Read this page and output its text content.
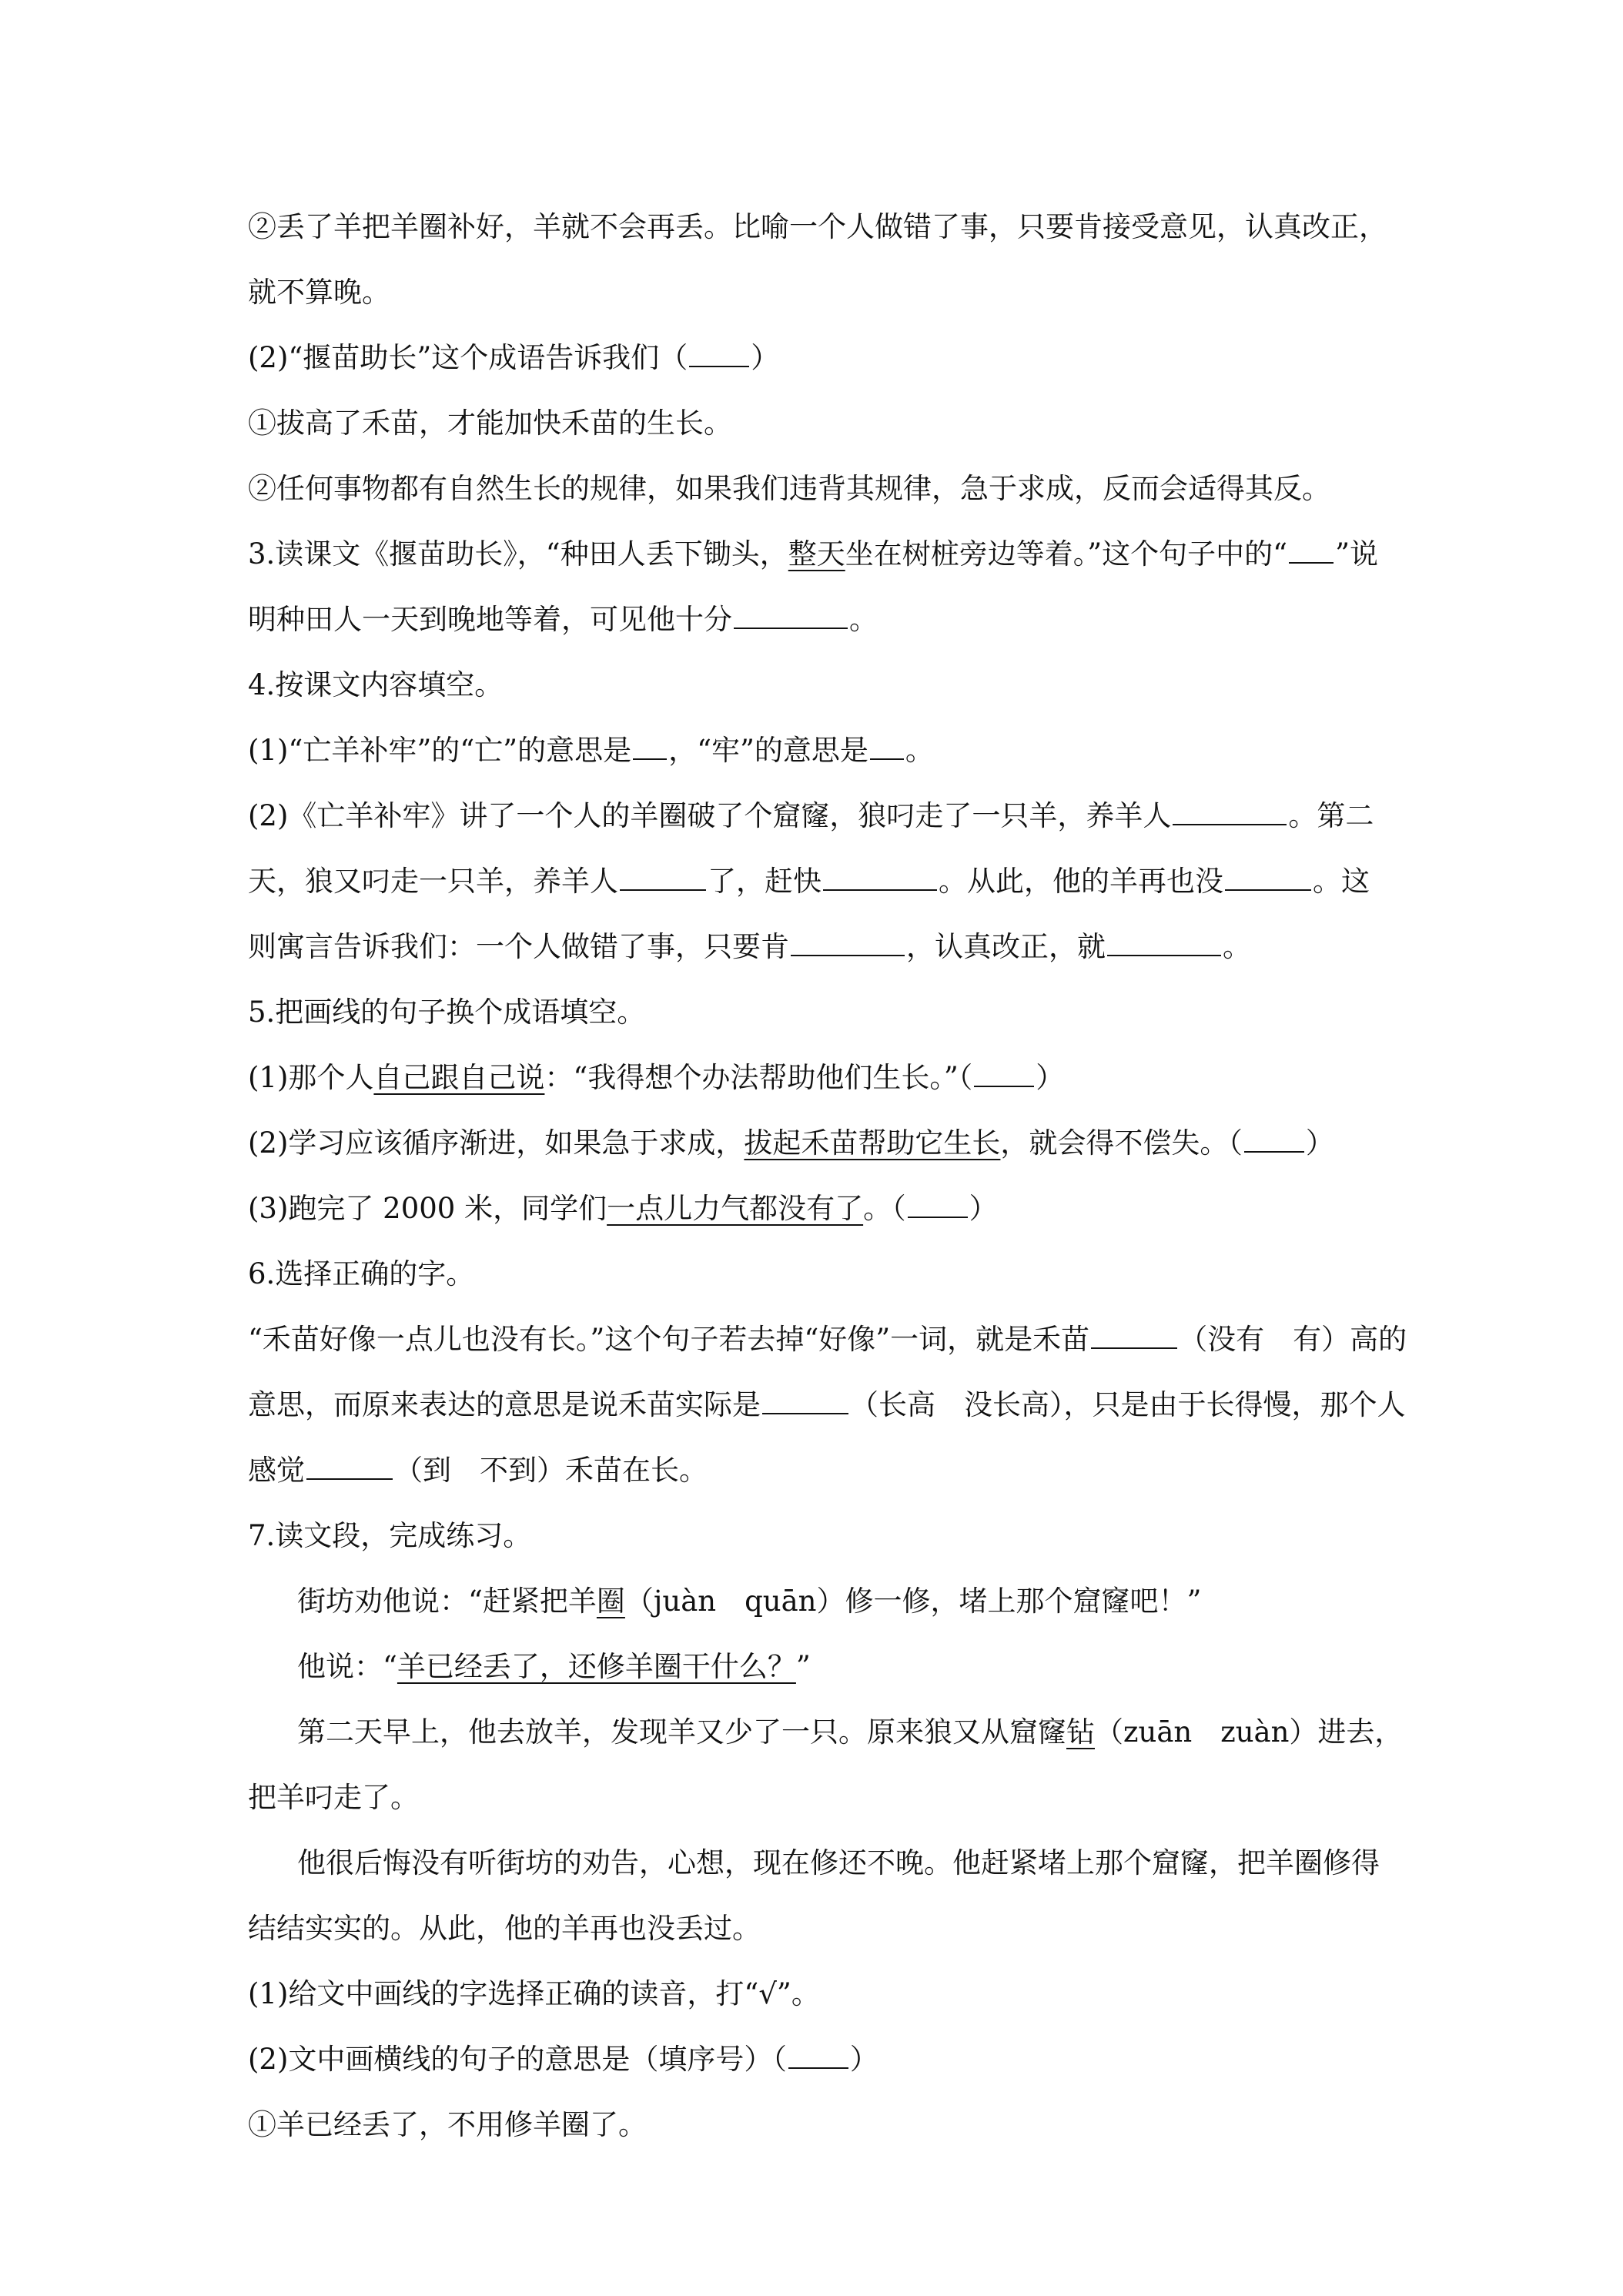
②丢了羊把羊圈补好，羊就不会再丢。比喻一个人做错了事，只要肯接受意见，认真改正，
就不算晚。
(2)“揠苗助长”这个成语告诉我们（ ）
①拔高了禾苗，才能加快禾苗的生长。
②任何事物都有自然生长的规律，如果我们违背其规律，急于求成，反而会适得其反。
3.读课文《揠苗助长》，“种田人丢下锄头，整天坐在树桩旁边等着。”这个句子中的“ ”说
明种田人一天到晚地等着，可见他十分	。
4.按课文内容填空。
(1)“亡羊补牢”的“亡”的意思是 ，“牢”的意思是 。
(2)《亡羊补牢》讲了一个人的羊圈破了个窟窿，狼叼走了一只羊，养羊人	。第二
天，狼又叼走一只羊，养羊人	了，赶快	。从此，他的羊再也没	。这
则寓言告诉我们：一个人做错了事，只要肯	，认真改正，就	。
5.把画线的句子换个成语填空。
(1)那个人自己跟自己说：“我得想个办法帮助他们生长。”（ ）
(2)学习应该循序渐进，如果急于求成，拔起禾苗帮助它生长，就会得不偿失。（ ）
(3)跑完了 2000 米，同学们一点儿力气都没有了。（ ）
6.选择正确的字。
“禾苗好像一点儿也没有长。”这个句子若去掉“好像”一词，就是禾苗	（没有　有）高的
意思，而原来表达的意思是说禾苗实际是	（长高　没长高），只是由于长得慢，那个人
感觉	（到　不到）禾苗在长。
7.读文段，完成练习。
街坊劝他说：“赶紧把羊圈（juàn　quān）修一修，堵上那个窟窿吧！”
他说：“羊已经丢了，还修羊圈干什么？”
第二天早上，他去放羊，发现羊又少了一只。原来狼又从窟窿钻（zuān　zuàn）进去，
把羊叼走了。
他很后悔没有听街坊的劝告，心想，现在修还不晚。他赶紧堵上那个窟窿，把羊圈修得
结结实实的。从此，他的羊再也没丢过。
(1)给文中画线的字选择正确的读音，打“√”。
(2)文中画横线的句子的意思是（填序号）（ ）
①羊已经丢了，不用修羊圈了。
